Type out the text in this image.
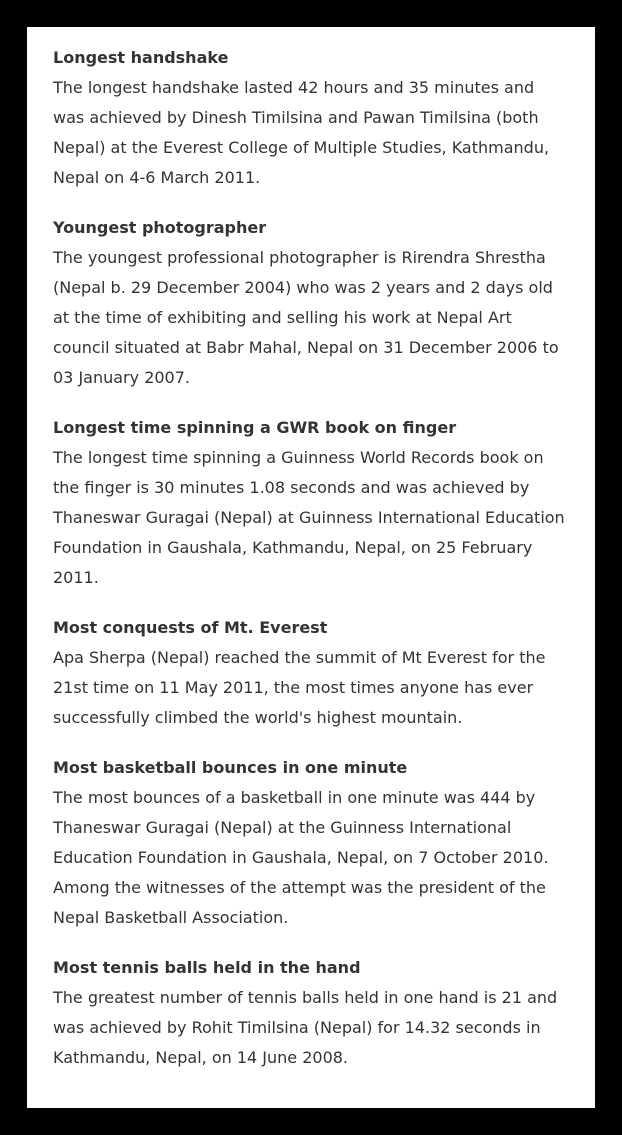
Longest handshake

The longest handshake lasted 42 hours and 35 minutes and was achieved by Dinesh Timilsina and Pawan Timilsina (both Nepal) at the Everest College of Multiple Studies, Kathmandu, Nepal on 4-6 March 2011.

Youngest photographer

The youngest professional photographer is Rirendra Shrestha (Nepal b. 29 December 2004) who was 2 years and 2 days old at the time of exhibiting and selling his work at Nepal Art council situated at Babr Mahal, Nepal on 31 December 2006 to 03 January 2007.

Longest time spinning a GWR book on finger

The longest time spinning a Guinness World Records book on the finger is 30 minutes 1.08 seconds and was achieved by Thaneswar Guragai (Nepal) at Guinness International Education Foundation in Gaushala, Kathmandu, Nepal, on 25 February 2011.

Most conquests of Mt. Everest

Apa Sherpa (Nepal) reached the summit of Mt Everest for the 21st time on 11 May 2011, the most times anyone has ever successfully climbed the world's highest mountain.

Most basketball bounces in one minute

The most bounces of a basketball in one minute was 444 by Thaneswar Guragai (Nepal) at the Guinness International Education Foundation in Gaushala, Nepal, on 7 October 2010. Among the witnesses of the attempt was the president of the Nepal Basketball Association.

Most tennis balls held in the hand

The greatest number of tennis balls held in one hand is 21 and was achieved by Rohit Timilsina (Nepal) for 14.32 seconds in Kathmandu, Nepal, on 14 June 2008.
